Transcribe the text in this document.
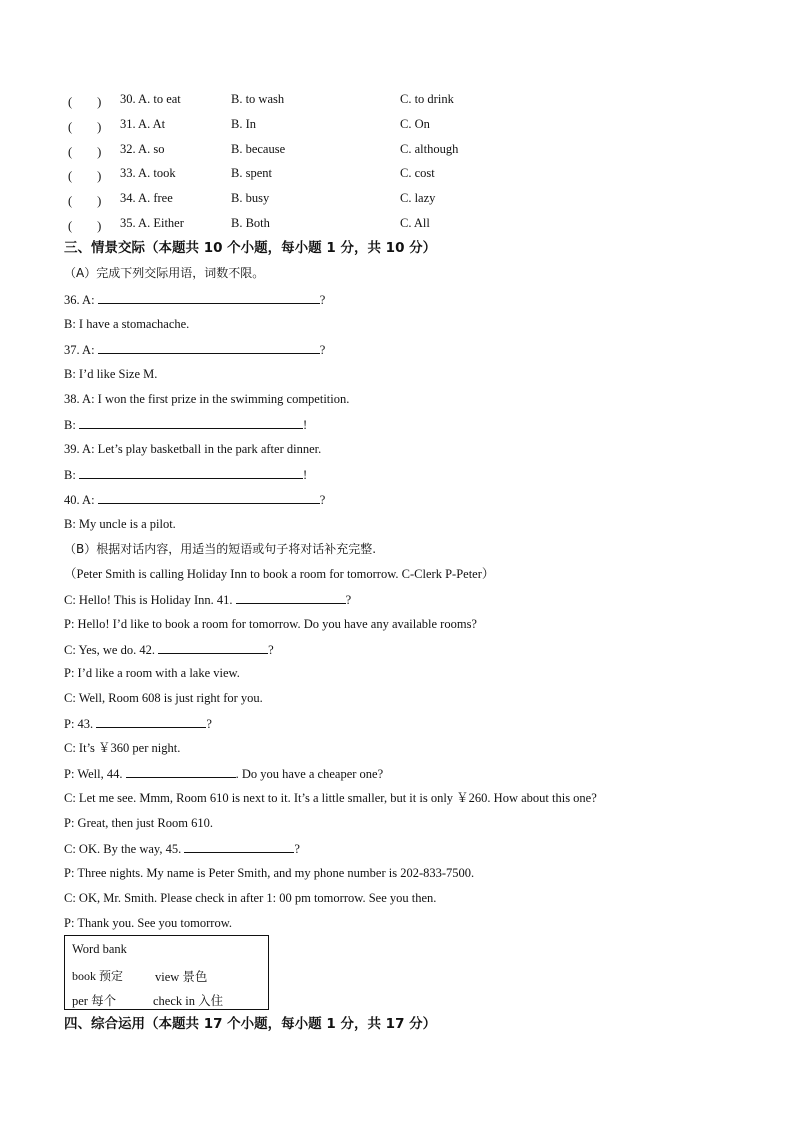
(　　) 30. A. to eat	B. to wash	C. to drink
(　　) 31. A. At	B. In	C. On
(　　) 32. A. so	B. because	C. although
(　　) 33. A. took	B. spent	C. cost
(　　) 34. A. free	B. busy	C. lazy
(　　) 35. A. Either	B. Both	C. All
三、情景交际（本题共 10 个小题，每小题 1 分，共 10 分）
（A）完成下列交际用语，词数不限。
36. A:	?
B: I have a stomachache.
37. A:	?
B: I’d like Size M.
38. A: I won the first prize in the swimming competition.
B:	!
39. A: Let’s play basketball in the park after dinner.
B:	!
40. A:	?
B: My uncle is a pilot.
（B）根据对话内容，用适当的短语或句子将对话补充完整.
（Peter Smith is calling Holiday Inn to book a room for tomorrow. C-Clerk P-Peter）
C: Hello! This is Holiday Inn. 41.	?
P: Hello! I’d like to book a room for tomorrow. Do you have any available rooms?
C: Yes, we do. 42.	?
P: I’d like a room with a lake view.
C: Well, Room 608 is just right for you.
P: 43.	?
C: It’s ￥360 per night.
P: Well, 44.	. Do you have a cheaper one?
C: Let me see. Mmm, Room 610 is next to it. It’s a little smaller, but it is only ￥260. How about this one?
P: Great, then just Room 610.
C: OK. By the way, 45.	?
P: Three nights. My name is Peter Smith, and my phone number is 202-833-7500.
C: OK, Mr. Smith. Please check in after 1: 00 pm tomorrow. See you then.
P: Thank you. See you tomorrow.
Word bank
book 预定	view 景色
per 每个	check in 入住
四、综合运用（本题共 17 个小题，每小题 1 分，共 17 分）
